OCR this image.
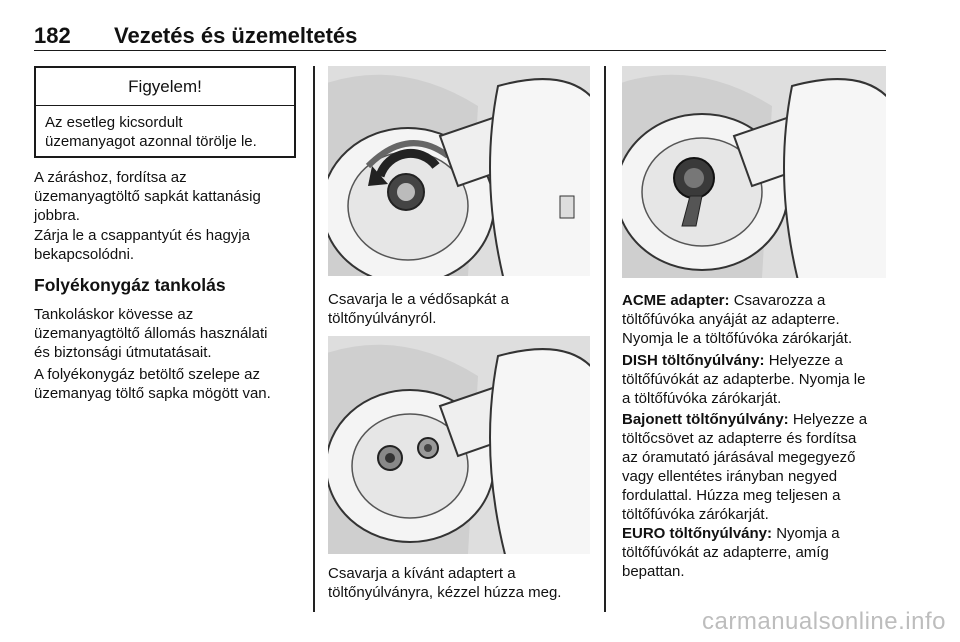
182 Vezetés és üzemeltetés
Figyelem!
Az esetleg kicsordult
üzemanyagot azonnal törölje le.
A záráshoz, fordítsa az
üzemanyagtöltő sapkát kattanásig
jobbra.
Zárja le a csappantyút és hagyja
bekapcsolódni.
Folyékonygáz tankolás
Tankoláskor kövesse az
üzemanyagtöltő állomás használati
és biztonsági útmutatásait.
A folyékonygáz betöltő szelepe az
üzemanyag töltő sapka mögött van.
Csavarja le a védősapkát a
töltőnyúlványról.
Csavarja a kívánt adaptert a
töltőnyúlványra, kézzel húzza meg.
ACME adapter: Csavarozza a
töltőfúvóka anyáját az adapterre.
Nyomja le a töltőfúvóka zárókarját.
DISH töltőnyúlvány: Helyezze a
töltőfúvókát az adapterbe. Nyomja le
a töltőfúvóka zárókarját.
Bajonett töltőnyúlvány: Helyezze a
töltőcsövet az adapterre és fordítsa
az óramutató járásával megegyező
vagy ellentétes irányban negyed
fordulattal. Húzza meg teljesen a
töltőfúvóka zárókarját.
EURO töltőnyúlvány: Nyomja a
töltőfúvókát az adapterre, amíg
bepattan.
carmanualsonline.info
